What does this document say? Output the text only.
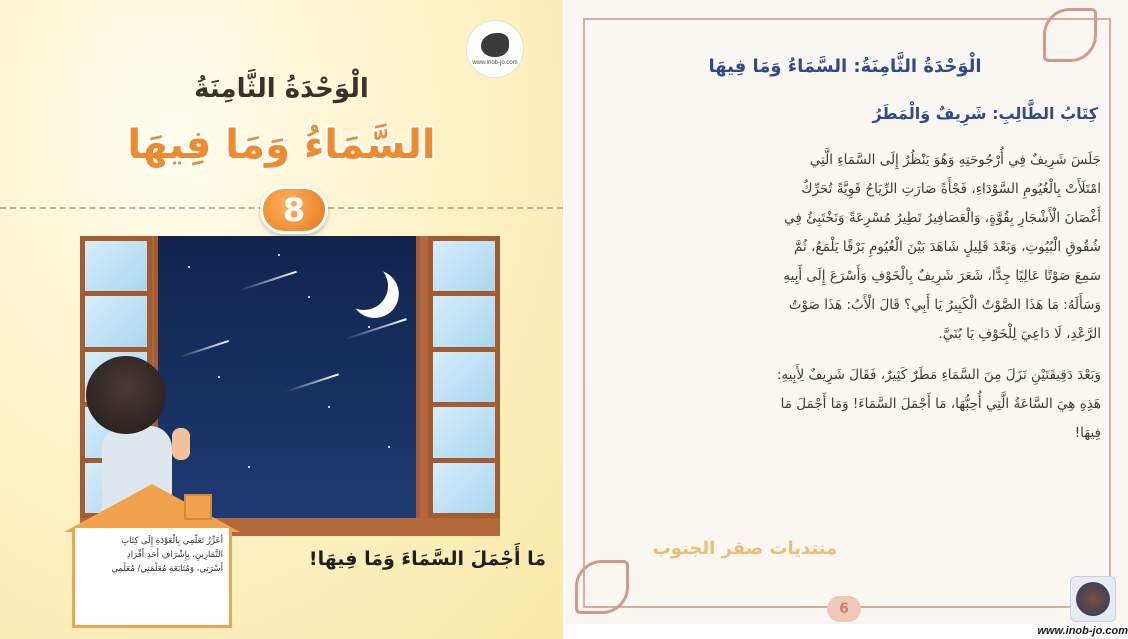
www.inob-jo.com
الْوَحْدَةُ الثَّامِنَةُ
السَّمَاءُ وَمَا فِيهَا
8
أُعَزِّزُ تَعَلُّمِي بِالْعَوْدَةِ إِلَى كِتَابِ
التَّمَارِينِ، بِإِشْرَافِ أَحَدِ أَفْرَادِ
أُسْرَتِي، وَمُتَابَعَةِ مُعَلِّمَتِي/ مُعَلِّمِي	مَا أَجْمَلَ السَّمَاءَ وَمَا فِيهَا!
الْوَحْدَةُ الثَّامِنَةُ: السَّمَاءُ وَمَا فِيهَا
كِتَابُ الطَّالِبِ: شَرِيفٌ وَالْمَطَرُ
جَلَسَ شَرِيفٌ فِي أُرْجُوحَتِهِ وَهُوَ يَنْظُرُ إِلَى السَّمَاءِ الَّتِي
امْتَلَأَتْ بِالْغُيُومِ السَّوْدَاءِ، فَجْأَةً صَارَتِ الرِّيَاحُ قَوِيَّةً تُحَرِّكُ
أَغْصَانَ الْأَشْجَارِ بِقُوَّةٍ، وَالْعَصَافِيرُ تَطِيرُ مُسْرِعَةً وَتَخْتَبِئُ فِي
شُقُوقِ الْبُيُوتِ، وَبَعْدَ قَلِيلٍ شَاهَدَ بَيْنَ الْغُيُومِ بَرْقًا يَلْمَعُ، ثُمَّ
سَمِعَ صَوْتًا عَالِيًا جِدًّا، شَعَرَ شَرِيفٌ بِالْخَوْفِ وَأَسْرَعَ إِلَى أَبِيهِ
وَسَأَلَهُ: مَا هَذَا الصَّوْتُ الْكَبِيرُ يَا أَبِي؟ قَالَ الْأَبُ: هَذَا صَوْتُ
الرَّعْدِ، لَا دَاعِيَ لِلْخَوْفِ يَا بُنَيَّ.
وَبَعْدَ دَقِيقَتَيْنِ نَزَلَ مِنَ السَّمَاءِ مَطَرٌ كَثِيرٌ، فَقَالَ شَرِيفٌ لِأَبِيهِ:
هَذِهِ هِيَ السَّاعَةُ الَّتِي أُحِبُّهَا، مَا أَجْمَلَ السَّمَاءَ! وَمَا أَجْمَلَ مَا
فِيهَا!
منتديات صقر الجنوب
6
www.inob-jo.com
